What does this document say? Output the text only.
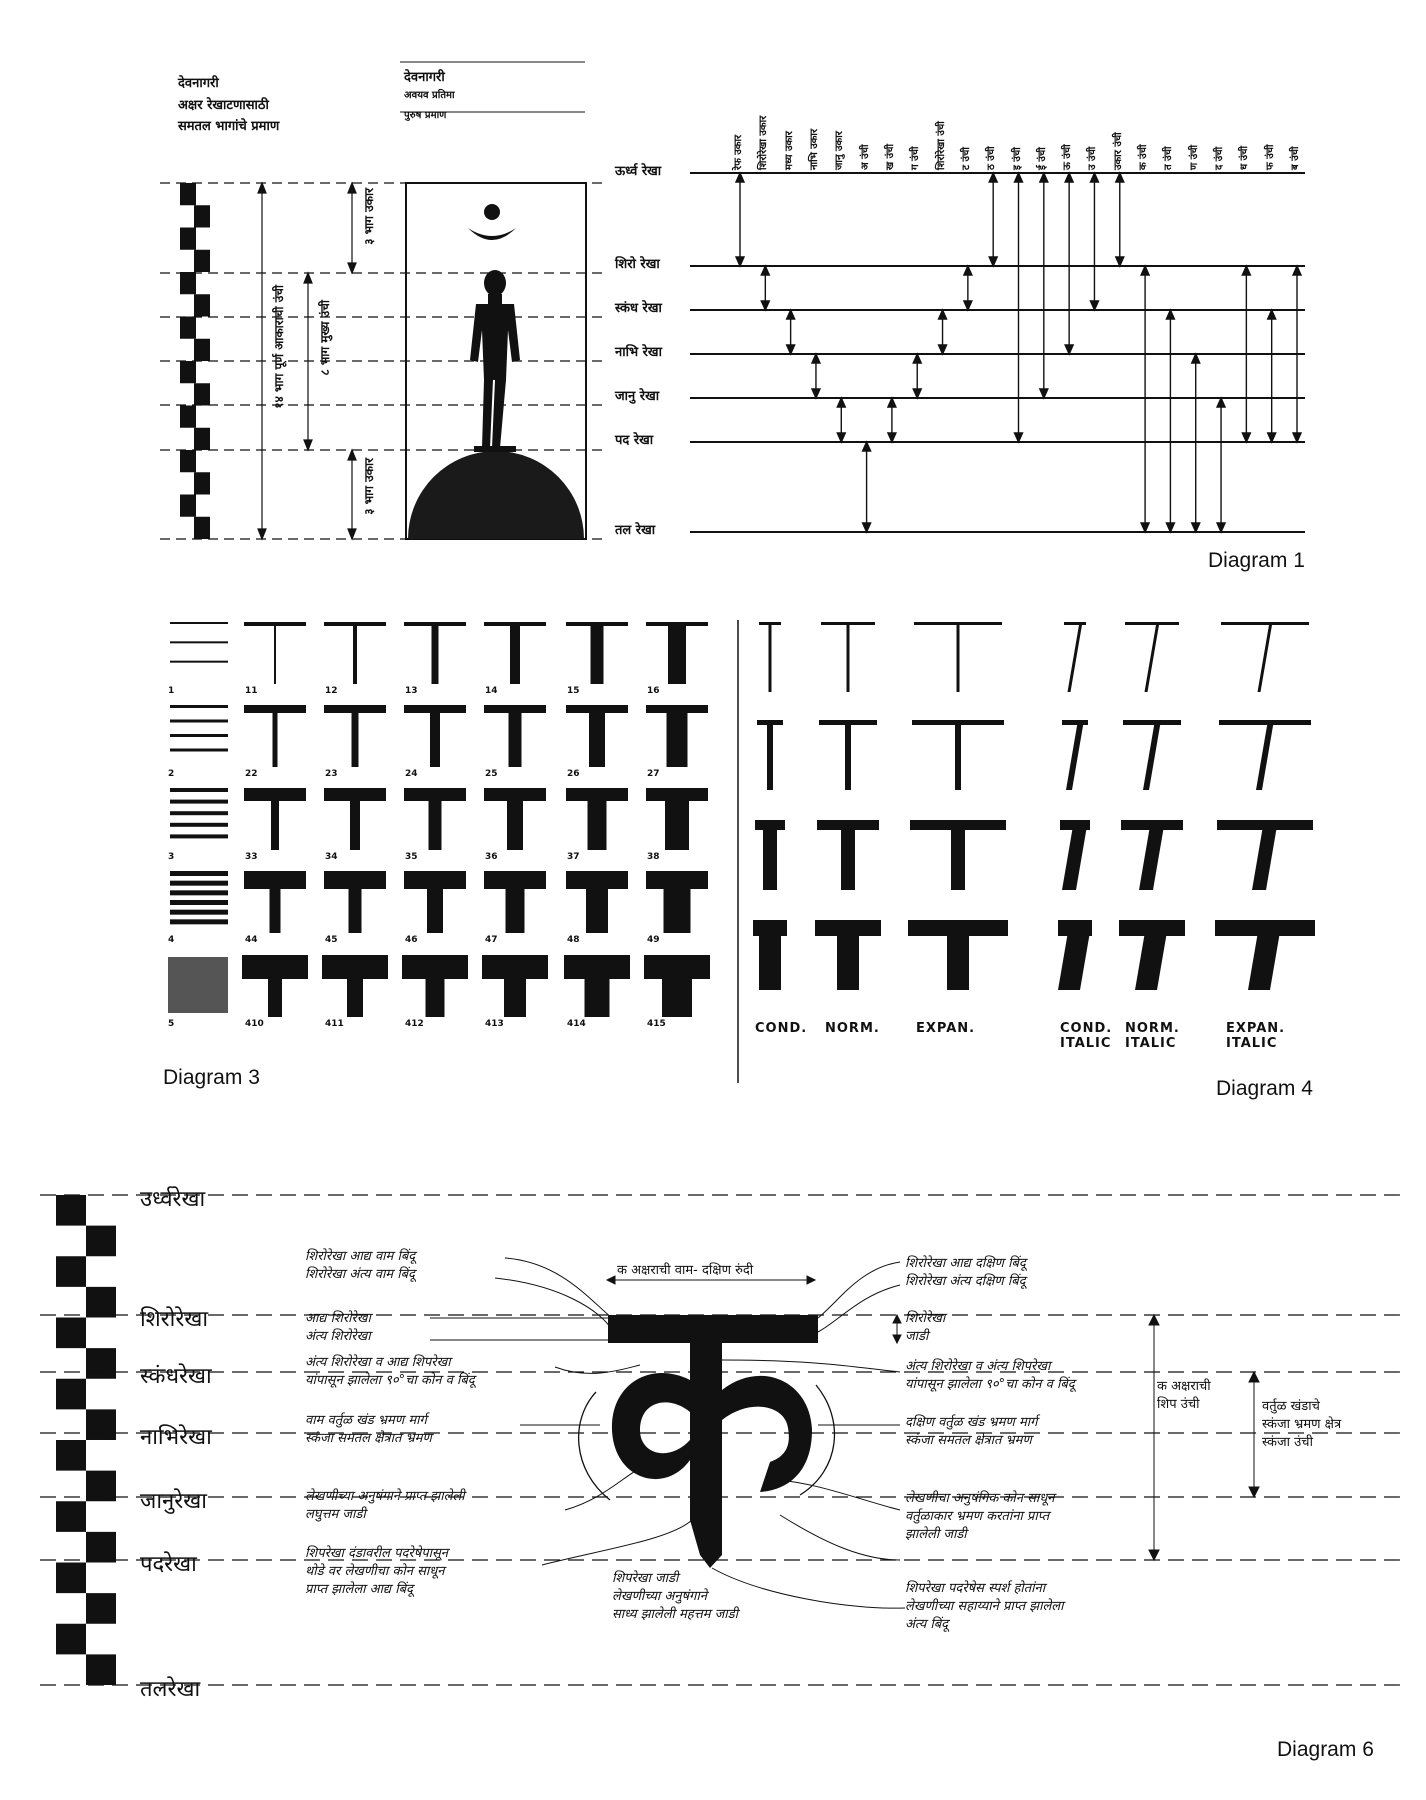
देवनागरी
अक्षर रेखाटणासाठी
समतल भागांचे प्रमाण
देवनागरी
अवयव प्रतिमा
पुरुष प्रमाण
१४ भाग पूर्ण आकाराची उंची	८ भाग मुख्य उंची
३ भाग उकार
३ भाग उकार
ऊर्ध्व रेखा
शिरो रेखा
स्कंध रेखा
नाभि रेखा
जानु रेखा
पद रेखा
तल रेखा
रेफ उकार शिरोरेखा उकार मध्य उकार नाभि उकार जानु उकार अ उंची ख उंची ग उंची शिरोरेखा उंची ट उंची ठ उंची इ उंची ई उंची ऊ उंची उ उंची उकार उंची क उंची त उंची ण उंची द उंची ध उंची फ उंची ब उंची
Diagram 1
1	11	12	13	14	15	16
2	22	23	24	25	26	27
3	33	34	35	36	37	38
4	44	45	46	47	48	49
5	410	411	412	413	414	415
Diagram 3
COND. NORM.	EXPAN.	COND.
ITALIC
NORM.
ITALIC
EXPAN.
ITALIC
Diagram 4
उर्ध्वरेखा
शिरोरेखा
स्कंधरेखा
नाभिरेखा
जानुरेखा
पदरेखा
तलरेखा
शिरोरेखा आद्य वाम बिंदू
शिरोरेखा अंत्य वाम बिंदू
आद्य शिरोरेखा
अंत्य शिरोरेखा
अंत्य शिरोरेखा व आद्य शिपरेखा
यांपासून झालेला ९०°चा कोन व बिंदू
वाम वर्तुळ खंड भ्रमण मार्ग
स्कंजा समतल क्षेत्रात भ्रमण
लेखणीच्या अनुषंगाने प्राप्त झालेली
लघुत्तम जाडी
शिपरेखा दंडावरील पदरेषेपासून
थोडे वर लेखणीचा कोन साधून
प्राप्त झालेला आद्य बिंदू
शिरोरेखा आद्य दक्षिण बिंदू
शिरोरेखा अंत्य दक्षिण बिंदू
शिरोरेखा
जाडी
अंत्य शिरोरेखा व अंत्य शिपरेखा
यांपासून झालेला ९०°चा कोन व बिंदू
दक्षिण वर्तुळ खंड भ्रमण मार्ग
स्कंजा समतल क्षेत्रात भ्रमण
लेखणीचा अनुषंगिक कोन साधून
वर्तुळाकार भ्रमण करतांना प्राप्त
झालेली जाडी
शिपरेखा पदरेषेस स्पर्श होतांना
लेखणीच्या सहाय्याने प्राप्त झालेला
अंत्य बिंदू
क अक्षराची वाम- दक्षिण रुंदी
शिपरेखा जाडी
लेखणीच्या अनुषंगाने
साध्य झालेली महत्तम जाडी
क अक्षराची
शिप उंची	वर्तुळ खंडाचे
स्कंजा भ्रमण क्षेत्र
स्कंजा उंची
Diagram 6
